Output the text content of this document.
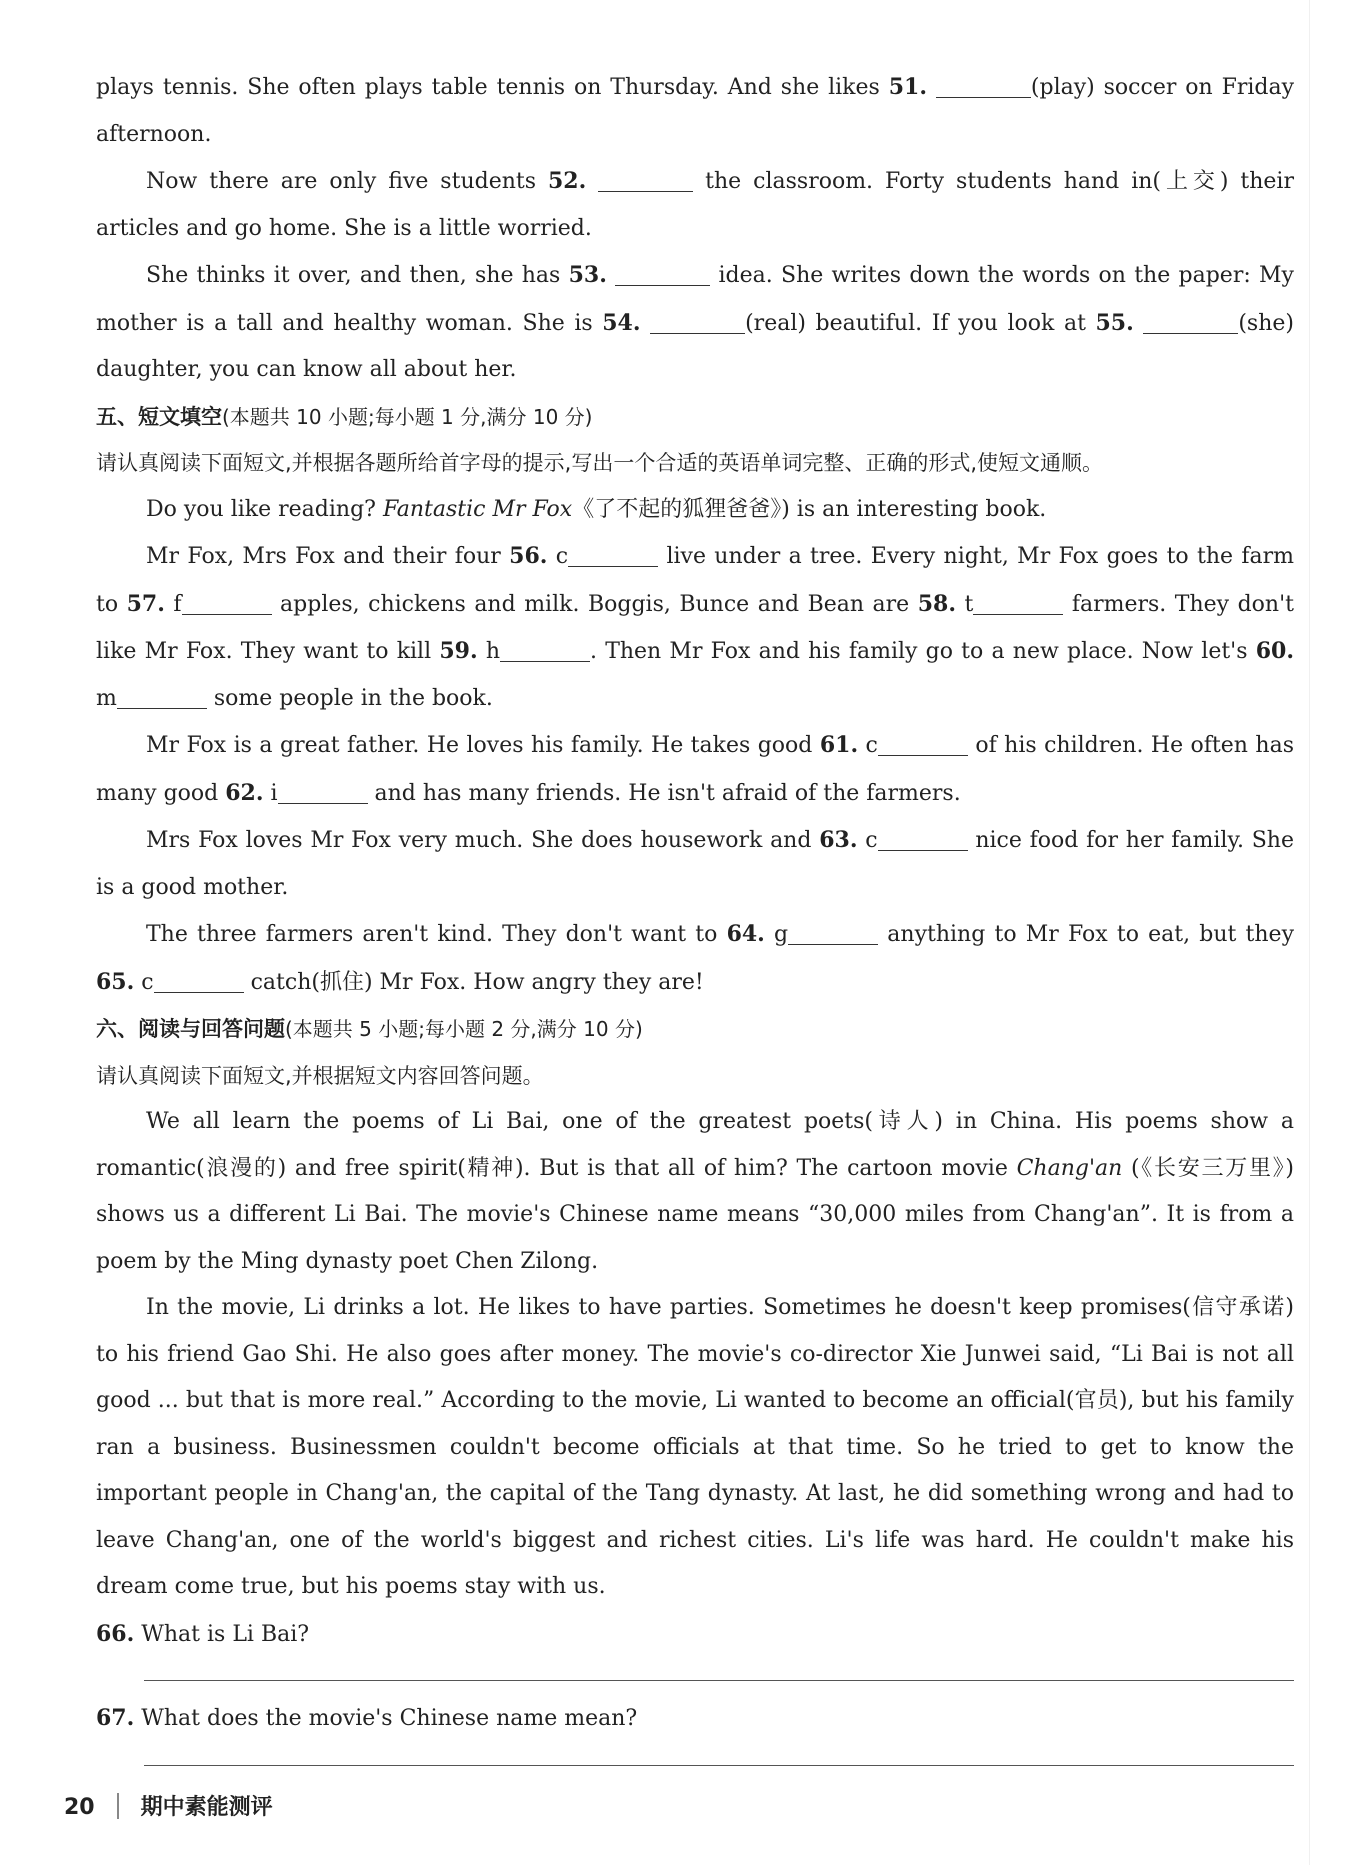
plays tennis. She often plays table tennis on Thursday. And she likes 51.	(play) soccer on Friday afternoon.

Now there are only five students 52.	the classroom. Forty students hand in(上交) their articles and go home. She is a little worried.

She thinks it over, and then, she has 53.	idea. She writes down the words on the paper: My mother is a tall and healthy woman. She is 54.	(real) beautiful. If you look at 55.	(she) daughter, you can know all about her.

五、短文填空(本题共 10 小题;每小题 1 分,满分 10 分)

请认真阅读下面短文,并根据各题所给首字母的提示,写出一个合适的英语单词完整、正确的形式,使短文通顺。

Do you like reading? Fantastic Mr Fox《了不起的狐狸爸爸》) is an interesting book.

Mr Fox, Mrs Fox and their four 56. c	live under a tree. Every night, Mr Fox goes to the farm to 57. f	apples, chickens and milk. Boggis, Bunce and Bean are 58. t	farmers. They don't like Mr Fox. They want to kill 59. h	. Then Mr Fox and his family go to a new place. Now let's 60. m	some people in the book.

Mr Fox is a great father. He loves his family. He takes good 61. c	of his children. He often has many good 62. i	and has many friends. He isn't afraid of the farmers.

Mrs Fox loves Mr Fox very much. She does housework and 63. c	nice food for her family. She is a good mother.

The three farmers aren't kind. They don't want to 64. g	anything to Mr Fox to eat, but they 65. c	catch(抓住) Mr Fox. How angry they are!

六、阅读与回答问题(本题共 5 小题;每小题 2 分,满分 10 分)

请认真阅读下面短文,并根据短文内容回答问题。

We all learn the poems of Li Bai, one of the greatest poets(诗人) in China. His poems show a romantic(浪漫的) and free spirit(精神). But is that all of him? The cartoon movie Chang'an (《长安三万里》) shows us a different Li Bai. The movie's Chinese name means “30,000 miles from Chang'an”. It is from a poem by the Ming dynasty poet Chen Zilong.

In the movie, Li drinks a lot. He likes to have parties. Sometimes he doesn't keep promises(信守承诺) to his friend Gao Shi. He also goes after money. The movie's co-director Xie Junwei said, “Li Bai is not all good ... but that is more real.” According to the movie, Li wanted to become an official(官员), but his family ran a business. Businessmen couldn't become officials at that time. So he tried to get to know the important people in Chang'an, the capital of the Tang dynasty. At last, he did something wrong and had to leave Chang'an, one of the world's biggest and richest cities. Li's life was hard. He couldn't make his dream come true, but his poems stay with us.

66. What is Li Bai?

67. What does the movie's Chinese name mean?

20 期中素能测评
